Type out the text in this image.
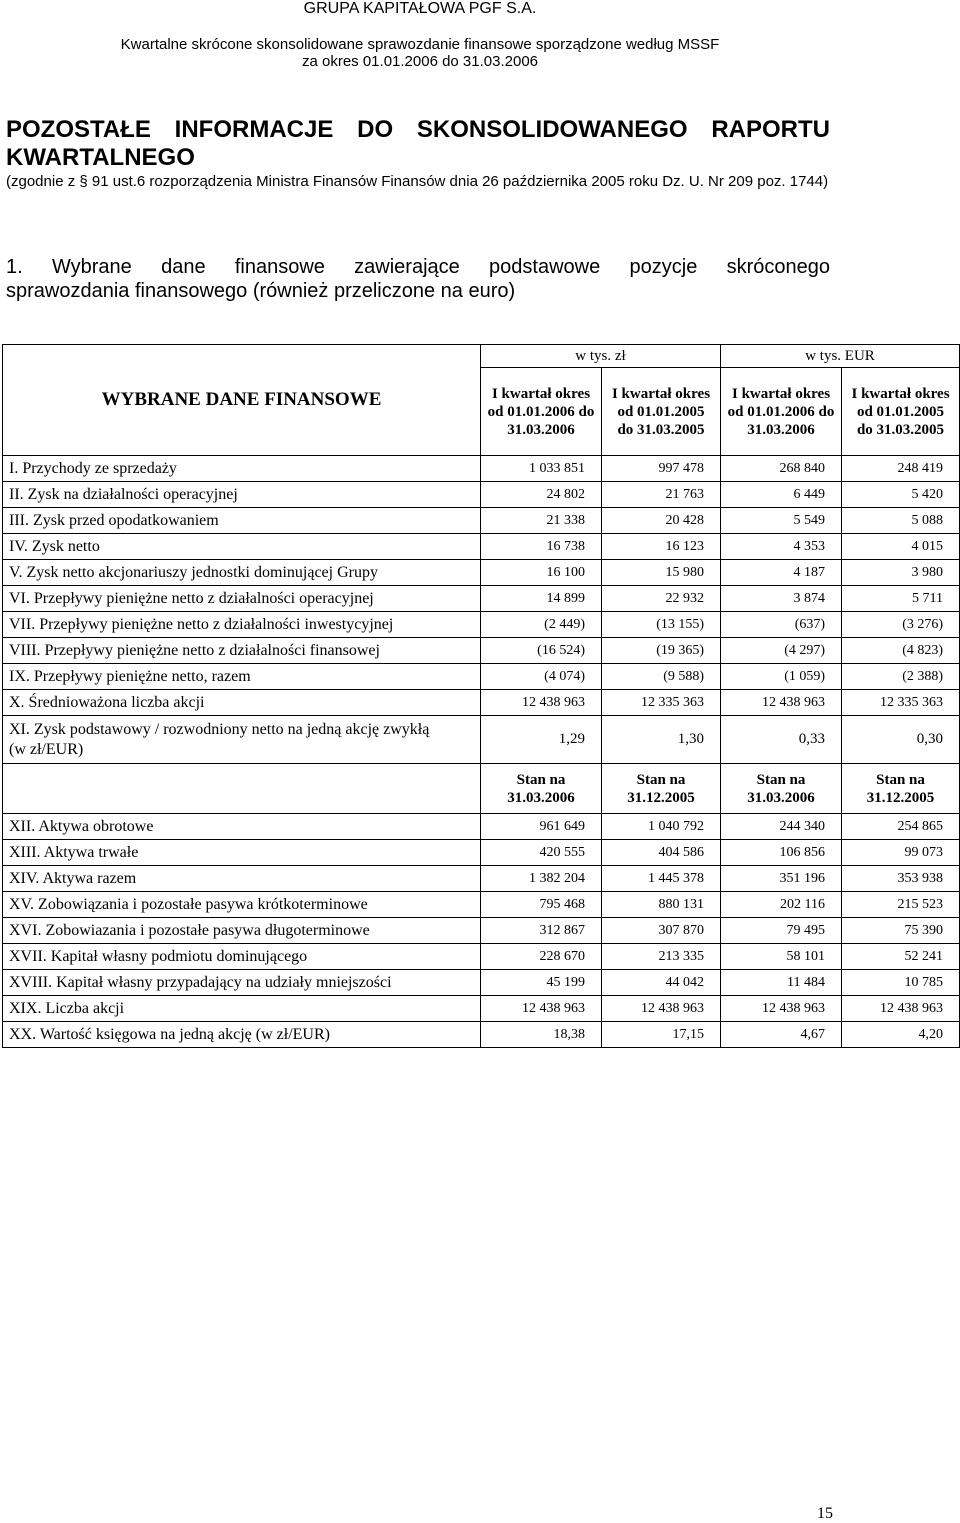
GRUPA KAPITAŁOWA PGF S.A.
Kwartalne skrócone skonsolidowane sprawozdanie finansowe sporządzone według MSSF
za okres 01.01.2006 do 31.03.2006
POZOSTAŁE INFORMACJE DO SKONSOLIDOWANEGO RAPORTU
KWARTALNEGO
(zgodnie z § 91 ust.6 rozporządzenia Ministra Finansów Finansów dnia 26 października 2005 roku Dz. U. Nr 209 poz. 1744)
1. Wybrane dane finansowe zawierające podstawowe pozycje skróconego
sprawozdania finansowego (również przeliczone na euro)
WYBRANE DANE FINANSOWE	w tys. zł		w tys. EUR	
	I kwartał okres od 01.01.2006 do 31.03.2006	I kwartał okres od 01.01.2005 do 31.03.2005	I kwartał okres od 01.01.2006 do 31.03.2006	I kwartał okres od 01.01.2005 do 31.03.2005
I. Przychody ze sprzedaży	1 033 851	997 478	268 840	248 419
II. Zysk na działalności operacyjnej	24 802	21 763	6 449	5 420
III. Zysk przed opodatkowaniem	21 338	20 428	5 549	5 088
IV. Zysk netto	16 738	16 123	4 353	4 015
V. Zysk netto akcjonariuszy jednostki dominującej Grupy	16 100	15 980	4 187	3 980
VI. Przepływy pieniężne netto z działalności operacyjnej	14 899	22 932	3 874	5 711
VII. Przepływy pieniężne netto z działalności inwestycyjnej	(2 449)	(13 155)	(637)	(3 276)
VIII. Przepływy pieniężne netto z działalności finansowej	(16 524)	(19 365)	(4 297)	(4 823)
IX. Przepływy pieniężne netto, razem	(4 074)	(9 588)	(1 059)	(2 388)
X. Średnioważona liczba akcji	12 438 963	12 335 363	12 438 963	12 335 363
XI. Zysk podstawowy / rozwodniony netto na jedną akcję zwykłą (w zł/EUR)	1,29	1,30	0,33	0,30
	Stan na 31.03.2006	Stan na 31.12.2005	Stan na 31.03.2006	Stan na 31.12.2005
XII. Aktywa obrotowe	961 649	1 040 792	244 340	254 865
XIII. Aktywa trwałe	420 555	404 586	106 856	99 073
XIV. Aktywa razem	1 382 204	1 445 378	351 196	353 938
XV. Zobowiązania i pozostałe pasywa krótkoterminowe	795 468	880 131	202 116	215 523
XVI. Zobowiazania i pozostałe pasywa długoterminowe	312 867	307 870	79 495	75 390
XVII. Kapitał własny podmiotu dominującego	228 670	213 335	58 101	52 241
XVIII. Kapitał własny przypadający na udziały mniejszości	45 199	44 042	11 484	10 785
XIX. Liczba akcji	12 438 963	12 438 963	12 438 963	12 438 963
XX. Wartość księgowa na jedną akcję (w zł/EUR)	18,38	17,15	4,67	4,20
15
